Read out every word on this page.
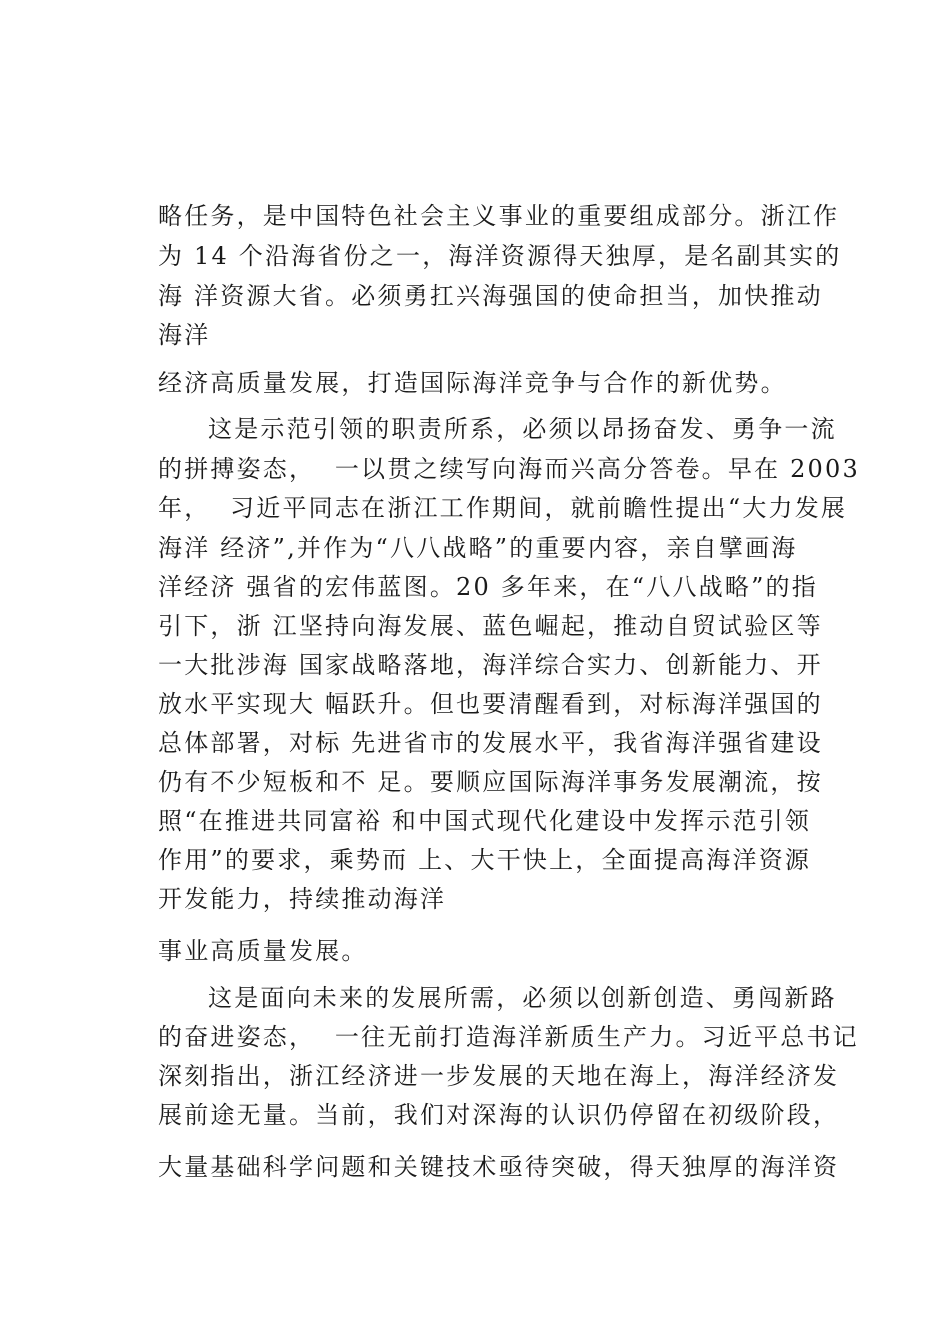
略任务，是中国特色社会主义事业的重要组成部分。浙江作
为 14 个沿海省份之一，海洋资源得天独厚，是名副其实的
海 洋资源大省。必须勇扛兴海强国的使命担当，加快推动
海洋
经济高质量发展，打造国际海洋竞争与合作的新优势。
这是示范引领的职责所系，必须以昂扬奋发、勇争一流
的拼搏姿态，  一以贯之续写向海而兴高分答卷。早在 2003
年，  习近平同志在浙江工作期间，就前瞻性提出“大力发展
海洋 经济”,并作为“八八战略”的重要内容，亲自擘画海
洋经济 强省的宏伟蓝图。20 多年来，在“八八战略”的指
引下，浙 江坚持向海发展、蓝色崛起，推动自贸试验区等
一大批涉海 国家战略落地，海洋综合实力、创新能力、开
放水平实现大 幅跃升。但也要清醒看到，对标海洋强国的
总体部署，对标 先进省市的发展水平，我省海洋强省建设
仍有不少短板和不 足。要顺应国际海洋事务发展潮流，按
照“在推进共同富裕 和中国式现代化建设中发挥示范引领
作用”的要求，乘势而 上、大干快上，全面提高海洋资源
开发能力，持续推动海洋
事业高质量发展。
这是面向未来的发展所需，必须以创新创造、勇闯新路
的奋进姿态，  一往无前打造海洋新质生产力。习近平总书记
深刻指出，浙江经济进一步发展的天地在海上，海洋经济发
展前途无量。当前，我们对深海的认识仍停留在初级阶段，
大量基础科学问题和关键技术亟待突破，得天独厚的海洋资
